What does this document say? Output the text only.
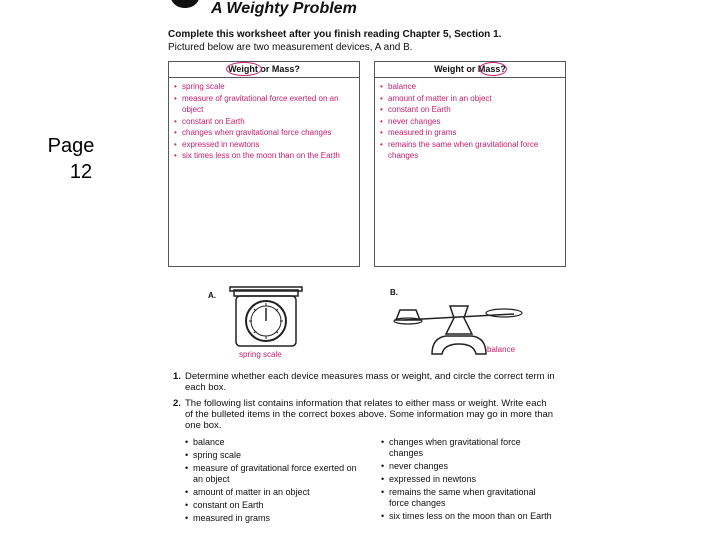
Page
12
A Weighty Problem
Complete this worksheet after you finish reading Chapter 5, Section 1.
Pictured below are two measurement devices, A and B.
Weight or Mass?
• spring scale
• measure of gravitational force exerted on an object
• constant on Earth
• changes when gravitational force changes
• expressed in newtons
• six times less on the moon than on the Earth
Weight or Mass?
• balance
• amount of matter in an object
• constant on Earth
• never changes
• measured in grams
• remains the same when gravitational force changes
A.	B.
spring scale
balance
1. Determine whether each device measures mass or weight, and circle the correct term in each box.
2. The following list contains information that relates to either mass or weight. Write each of the bulleted items in the correct boxes above. Some information may go in more than one box.
• balance
• spring scale
• measure of gravitational force exerted on an object
• amount of matter in an object
• constant on Earth
• measured in grams
• changes when gravitational force changes
• never changes
• expressed in newtons
• remains the same when gravitational force changes
• six times less on the moon than on Earth
